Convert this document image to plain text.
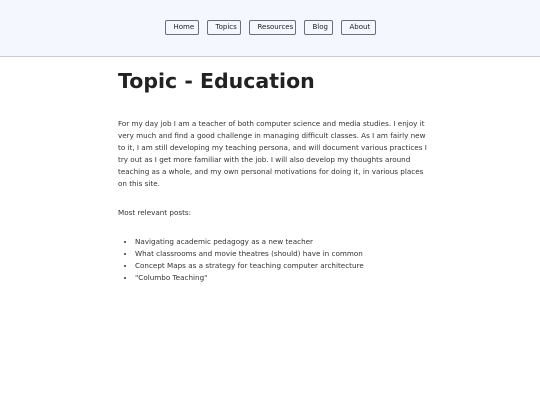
Home	Topics	Resources	Blog	About
Topic - Education

For my day job I am a teacher of both computer science and media studies. I enjoy it very much and find a good challenge in managing difficult classes. As I am fairly new to it, I am still developing my teaching persona, and will document various practices I try out as I get more familiar with the job. I will also develop my thoughts around teaching as a whole, and my own personal motivations for doing it, in various places on this site.

Most relevant posts:

• Navigating academic pedagogy as a new teacher
• What classrooms and movie theatres (should) have in common
• Concept Maps as a strategy for teaching computer architecture
• "Columbo Teaching"
